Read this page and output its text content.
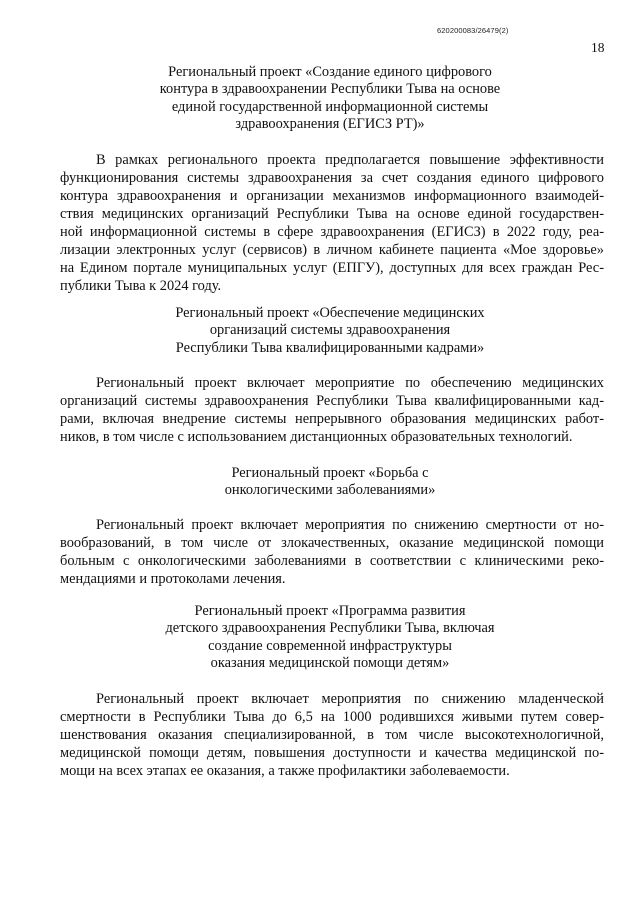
620200083/26479(2)
18
Региональный проект «Создание единого цифрового
контура в здравоохранении Республики Тыва на основе
единой государственной информационной системы
здравоохранения (ЕГИСЗ РТ)»
В рамках регионального проекта предполагается повышение эффективности
функционирования системы здравоохранения за счет создания единого цифрового
контура здравоохранения и организации механизмов информационного взаимодей-
ствия медицинских организаций Республики Тыва на основе единой государствен-
ной информационной системы в сфере здравоохранения (ЕГИСЗ) в 2022 году, реа-
лизации электронных услуг (сервисов) в личном кабинете пациента «Мое здоровье»
на Едином портале муниципальных услуг (ЕПГУ), доступных для всех граждан Рес-
публики Тыва к 2024 году.
Региональный проект «Обеспечение медицинских
организаций системы здравоохранения
Республики Тыва квалифицированными кадрами»
Региональный проект включает мероприятие по обеспечению медицинских
организаций системы здравоохранения Республики Тыва квалифицированными кад-
рами, включая внедрение системы непрерывного образования медицинских работ-
ников, в том числе с использованием дистанционных образовательных технологий.
Региональный проект «Борьба с
онкологическими заболеваниями»
Региональный проект включает мероприятия по снижению смертности от но-
вообразований, в том числе от злокачественных, оказание медицинской помощи
больным с онкологическими заболеваниями в соответствии с клиническими реко-
мендациями и протоколами лечения.
Региональный проект «Программа развития
детского здравоохранения Республики Тыва, включая
создание современной инфраструктуры
оказания медицинской помощи детям»
Региональный проект включает мероприятия по снижению младенческой
смертности в Республики Тыва до 6,5 на 1000 родившихся живыми путем совер-
шенствования оказания специализированной, в том числе высокотехнологичной,
медицинской помощи детям, повышения доступности и качества медицинской по-
мощи на всех этапах ее оказания, а также профилактики заболеваемости.
